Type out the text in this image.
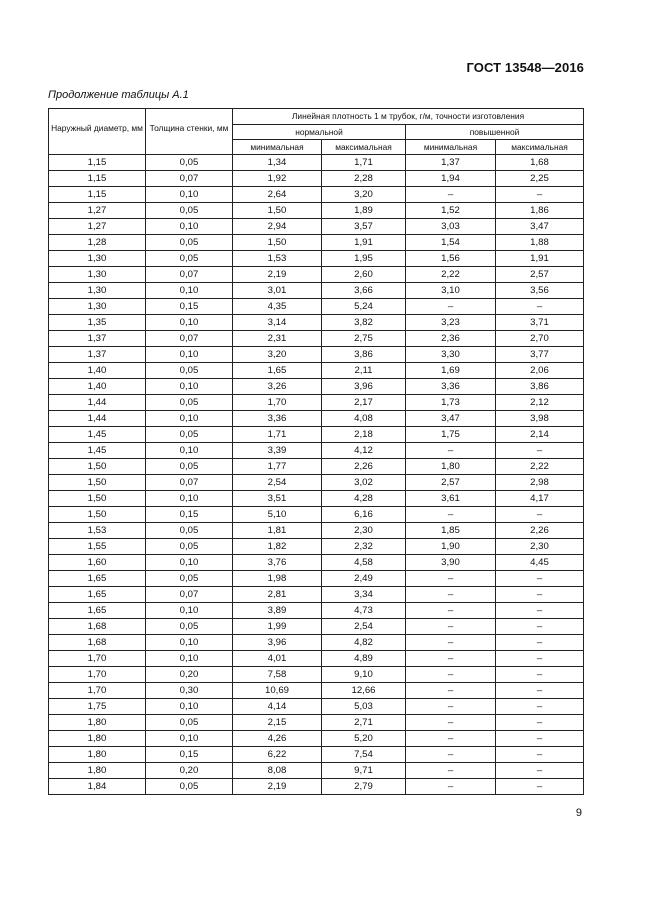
ГОСТ 13548—2016
Продолжение таблицы А.1
Наружный диаметр, мм	Толщина стенки, мм	Линейная плотность 1 м трубок, г/м, точности изготовления			
		нормальной		повышенной	
		минимальная	максимальная	минимальная	максимальная
1,15	0,05	1,34	1,71	1,37	1,68
1,15	0,07	1,92	2,28	1,94	2,25
1,15	0,10	2,64	3,20	–	–
1,27	0,05	1,50	1,89	1,52	1,86
1,27	0,10	2,94	3,57	3,03	3,47
1,28	0,05	1,50	1,91	1,54	1,88
1,30	0,05	1,53	1,95	1,56	1,91
1,30	0,07	2,19	2,60	2,22	2,57
1,30	0,10	3,01	3,66	3,10	3,56
1,30	0,15	4,35	5,24	–	–
1,35	0,10	3,14	3,82	3,23	3,71
1,37	0,07	2,31	2,75	2,36	2,70
1,37	0,10	3,20	3,86	3,30	3,77
1,40	0,05	1,65	2,11	1,69	2,06
1,40	0,10	3,26	3,96	3,36	3,86
1,44	0,05	1,70	2,17	1,73	2,12
1,44	0,10	3,36	4,08	3,47	3,98
1,45	0,05	1,71	2,18	1,75	2,14
1,45	0,10	3,39	4,12	–	–
1,50	0,05	1,77	2,26	1,80	2,22
1,50	0,07	2,54	3,02	2,57	2,98
1,50	0,10	3,51	4,28	3,61	4,17
1,50	0,15	5,10	6,16	–	–
1,53	0,05	1,81	2,30	1,85	2,26
1,55	0,05	1,82	2,32	1,90	2,30
1,60	0,10	3,76	4,58	3,90	4,45
1,65	0,05	1,98	2,49	–	–
1,65	0,07	2,81	3,34	–	–
1,65	0,10	3,89	4,73	–	–
1,68	0,05	1,99	2,54	–	–
1,68	0,10	3,96	4,82	–	–
1,70	0,10	4,01	4,89	–	–
1,70	0,20	7,58	9,10	–	–
1,70	0,30	10,69	12,66	–	–
1,75	0,10	4,14	5,03	–	–
1,80	0,05	2,15	2,71	–	–
1,80	0,10	4,26	5,20	–	–
1,80	0,15	6,22	7,54	–	–
1,80	0,20	8,08	9,71	–	–
1,84	0,05	2,19	2,79	–	–
9
